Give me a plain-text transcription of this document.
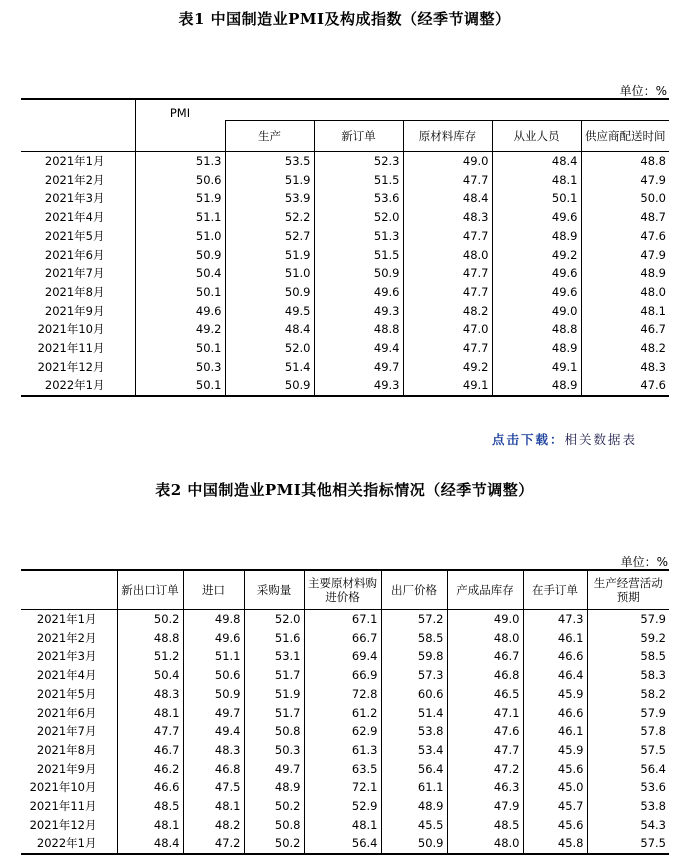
表1 中国制造业PMI及构成指数（经季节调整）
单位：%
	PMI					
		生产	新订单	原材料库存	从业人员	供应商配送时间
2021年1月	51.3	53.5	52.3	49.0	48.4	48.8
2021年2月	50.6	51.9	51.5	47.7	48.1	47.9
2021年3月	51.9	53.9	53.6	48.4	50.1	50.0
2021年4月	51.1	52.2	52.0	48.3	49.6	48.7
2021年5月	51.0	52.7	51.3	47.7	48.9	47.6
2021年6月	50.9	51.9	51.5	48.0	49.2	47.9
2021年7月	50.4	51.0	50.9	47.7	49.6	48.9
2021年8月	50.1	50.9	49.6	47.7	49.6	48.0
2021年9月	49.6	49.5	49.3	48.2	49.0	48.1
2021年10月	49.2	48.4	48.8	47.0	48.8	46.7
2021年11月	50.1	52.0	49.4	47.7	48.9	48.2
2021年12月	50.3	51.4	49.7	49.2	49.1	48.3
2022年1月	50.1	50.9	49.3	49.1	48.9	47.6
点击下载：相关数据表
表2 中国制造业PMI其他相关指标情况（经季节调整）
单位：%
	新出口订单	进口	采购量	主要原材料购进价格	出厂价格	产成品库存	在手订单	生产经营活动预期
2021年1月	50.2	49.8	52.0	67.1	57.2	49.0	47.3	57.9
2021年2月	48.8	49.6	51.6	66.7	58.5	48.0	46.1	59.2
2021年3月	51.2	51.1	53.1	69.4	59.8	46.7	46.6	58.5
2021年4月	50.4	50.6	51.7	66.9	57.3	46.8	46.4	58.3
2021年5月	48.3	50.9	51.9	72.8	60.6	46.5	45.9	58.2
2021年6月	48.1	49.7	51.7	61.2	51.4	47.1	46.6	57.9
2021年7月	47.7	49.4	50.8	62.9	53.8	47.6	46.1	57.8
2021年8月	46.7	48.3	50.3	61.3	53.4	47.7	45.9	57.5
2021年9月	46.2	46.8	49.7	63.5	56.4	47.2	45.6	56.4
2021年10月	46.6	47.5	48.9	72.1	61.1	46.3	45.0	53.6
2021年11月	48.5	48.1	50.2	52.9	48.9	47.9	45.7	53.8
2021年12月	48.1	48.2	50.8	48.1	45.5	48.5	45.6	54.3
2022年1月	48.4	47.2	50.2	56.4	50.9	48.0	45.8	57.5
